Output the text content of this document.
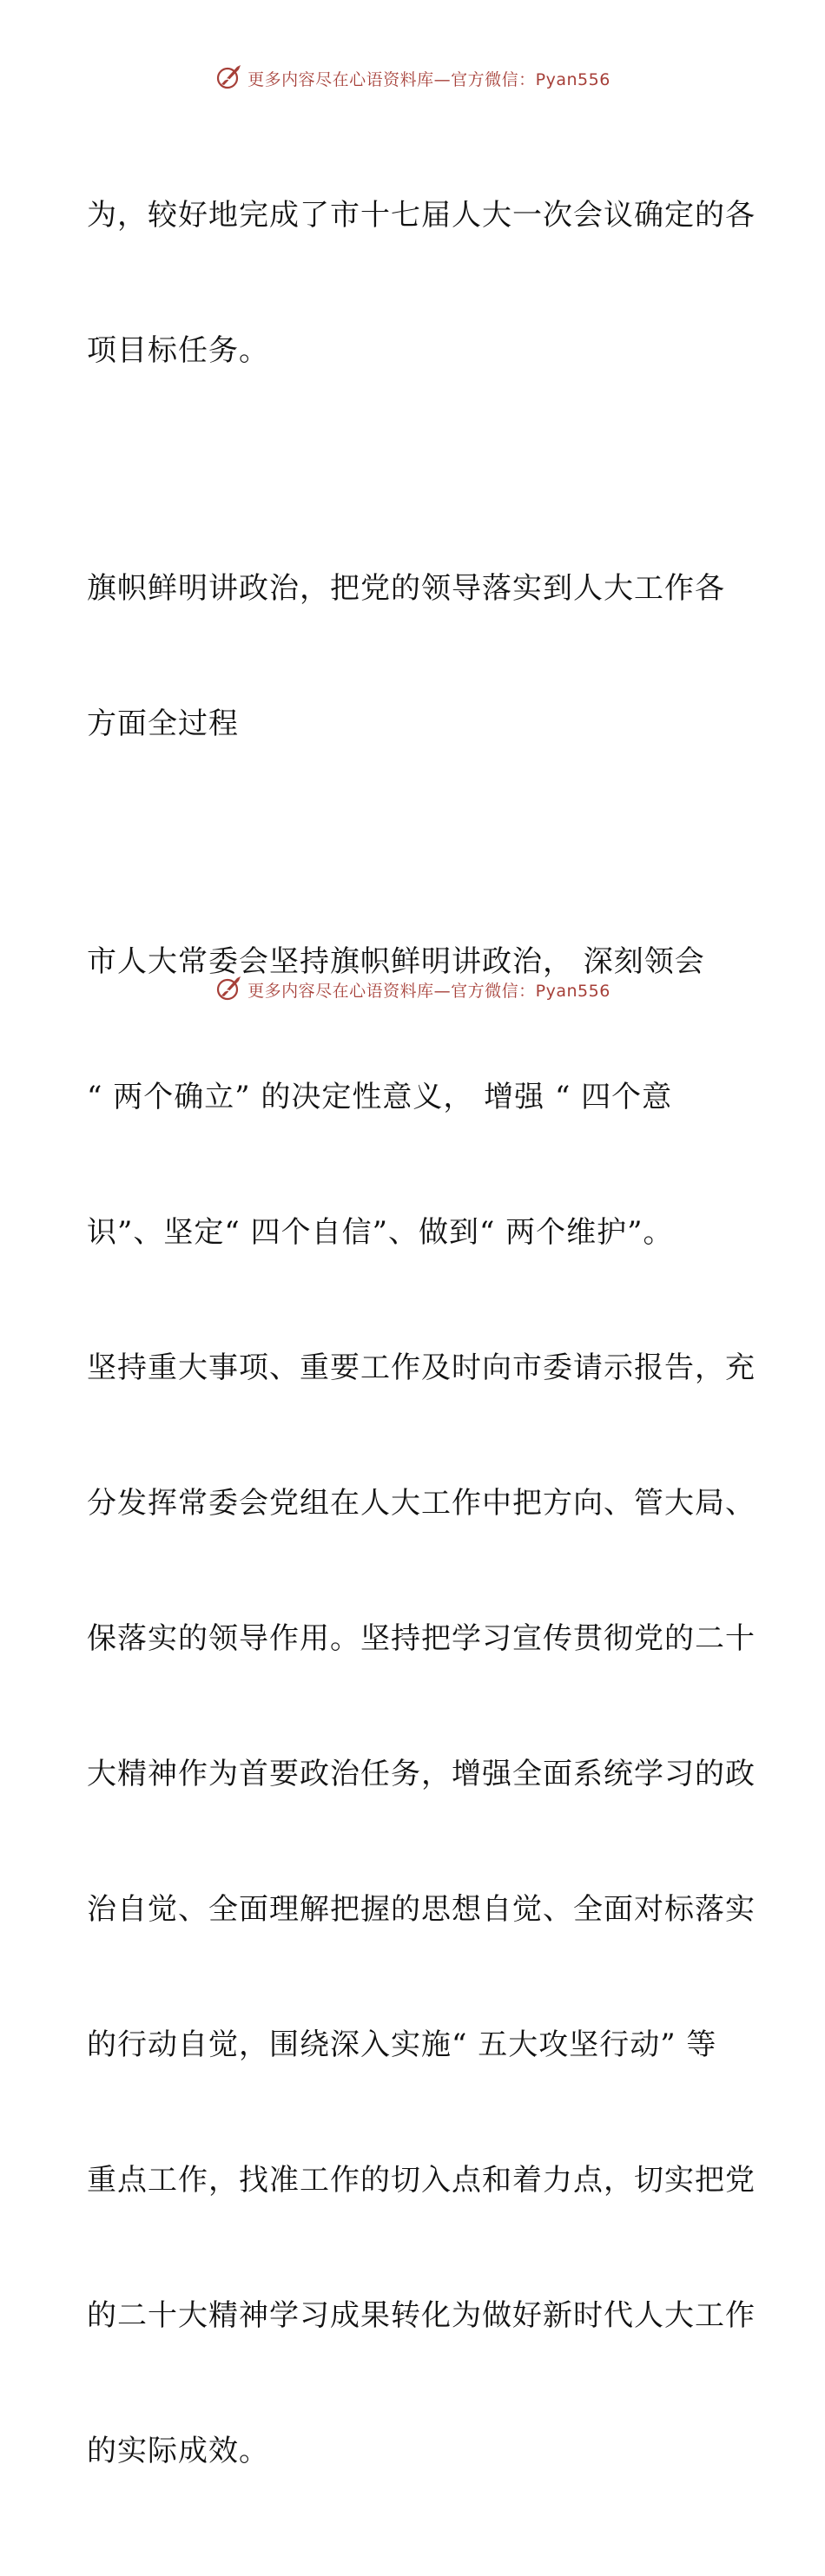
更多内容尽在心语资料库—官方微信：Pyan556

为，较好地完成了市十七届人大一次会议确定的各

项目标任务。

旗帜鲜明讲政治，把党的领导落实到人大工作各

方面全过程

市人大常委会坚持旗帜鲜明讲政治， 深刻领会

“ 两个确立” 的决定性意义， 增强 “ 四个意

识”、坚定“ 四个自信”、做到“ 两个维护”。

坚持重大事项、重要工作及时向市委请示报告，充

分发挥常委会党组在人大工作中把方向、管大局、

保落实的领导作用。坚持把学习宣传贯彻党的二十

大精神作为首要政治任务，增强全面系统学习的政

治自觉、全面理解把握的思想自觉、全面对标落实

的行动自觉，围绕深入实施“ 五大攻坚行动” 等

重点工作，找准工作的切入点和着力点，切实把党

的二十大精神学习成果转化为做好新时代人大工作

的实际成效。

更多内容尽在心语资料库—官方微信：Pyan556
